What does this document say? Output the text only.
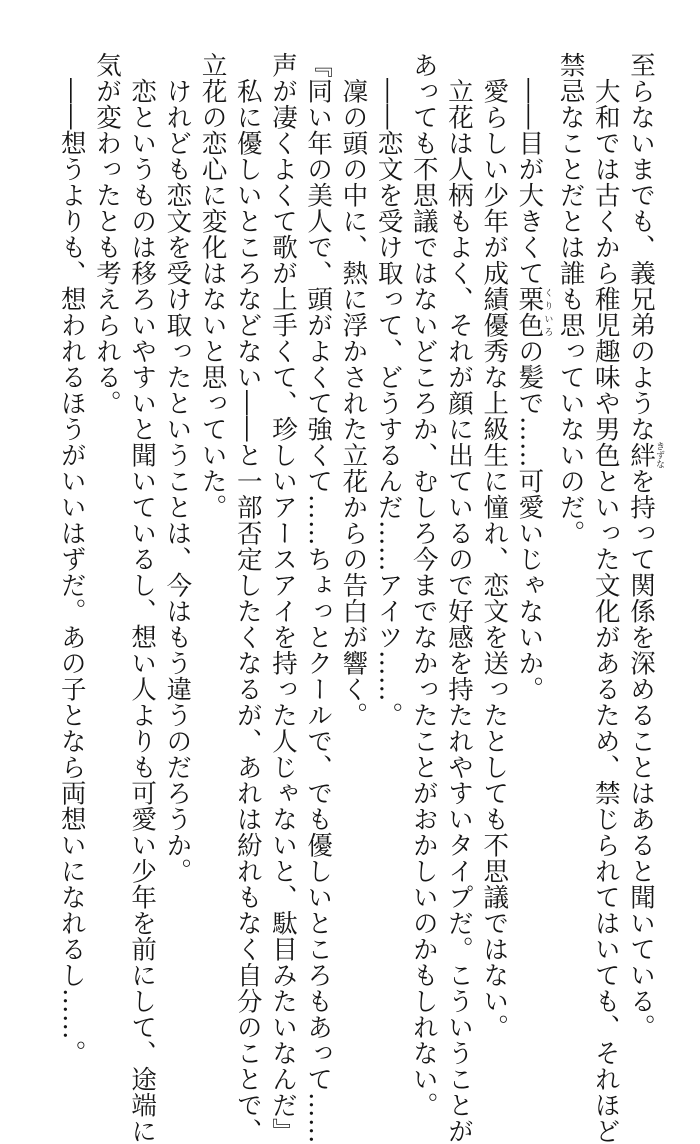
至らないまでも、義兄弟のような絆きずなを持って関係を深めることはあると聞いている。

　大和では古くから稚児趣味や男色といった文化があるため、禁じられてはいても、それほど

禁忌なことだとは誰も思っていないのだ。

　――目が大きくて栗色くりいろの髪で……可愛いじゃないか。

　愛らしい少年が成績優秀な上級生に憧れ、恋文を送ったとしても不思議ではない。

　立花は人柄もよく、それが顔に出ているので好感を持たれやすいタイプだ。こういうことが

あっても不思議ではないどころか、むしろ今までなかったことがおかしいのかもしれない。

　――恋文を受け取って、どうするんだ……アイツ……。

　凜の頭の中に、熱に浮かされた立花からの告白が響く。

『同い年の美人で、頭がよくて強くて……ちょっとクールで、でも優しいところもあって……

声が凄くよくて歌が上手くて、珍しいアースアイを持った人じゃないと、駄目みたいなんだ』

　私に優しいところなどない――と一部否定したくなるが、あれは紛れもなく自分のことで、

立花の恋心に変化はないと思っていた。

　けれども恋文を受け取ったということは、今はもう違うのだろうか。

　恋というものは移ろいやすいと聞いているし、想い人よりも可愛い少年を前にして、途端に

気が変わったとも考えられる。

　――想うよりも、想われるほうがいいはずだ。あの子となら両想いになれるし……。
